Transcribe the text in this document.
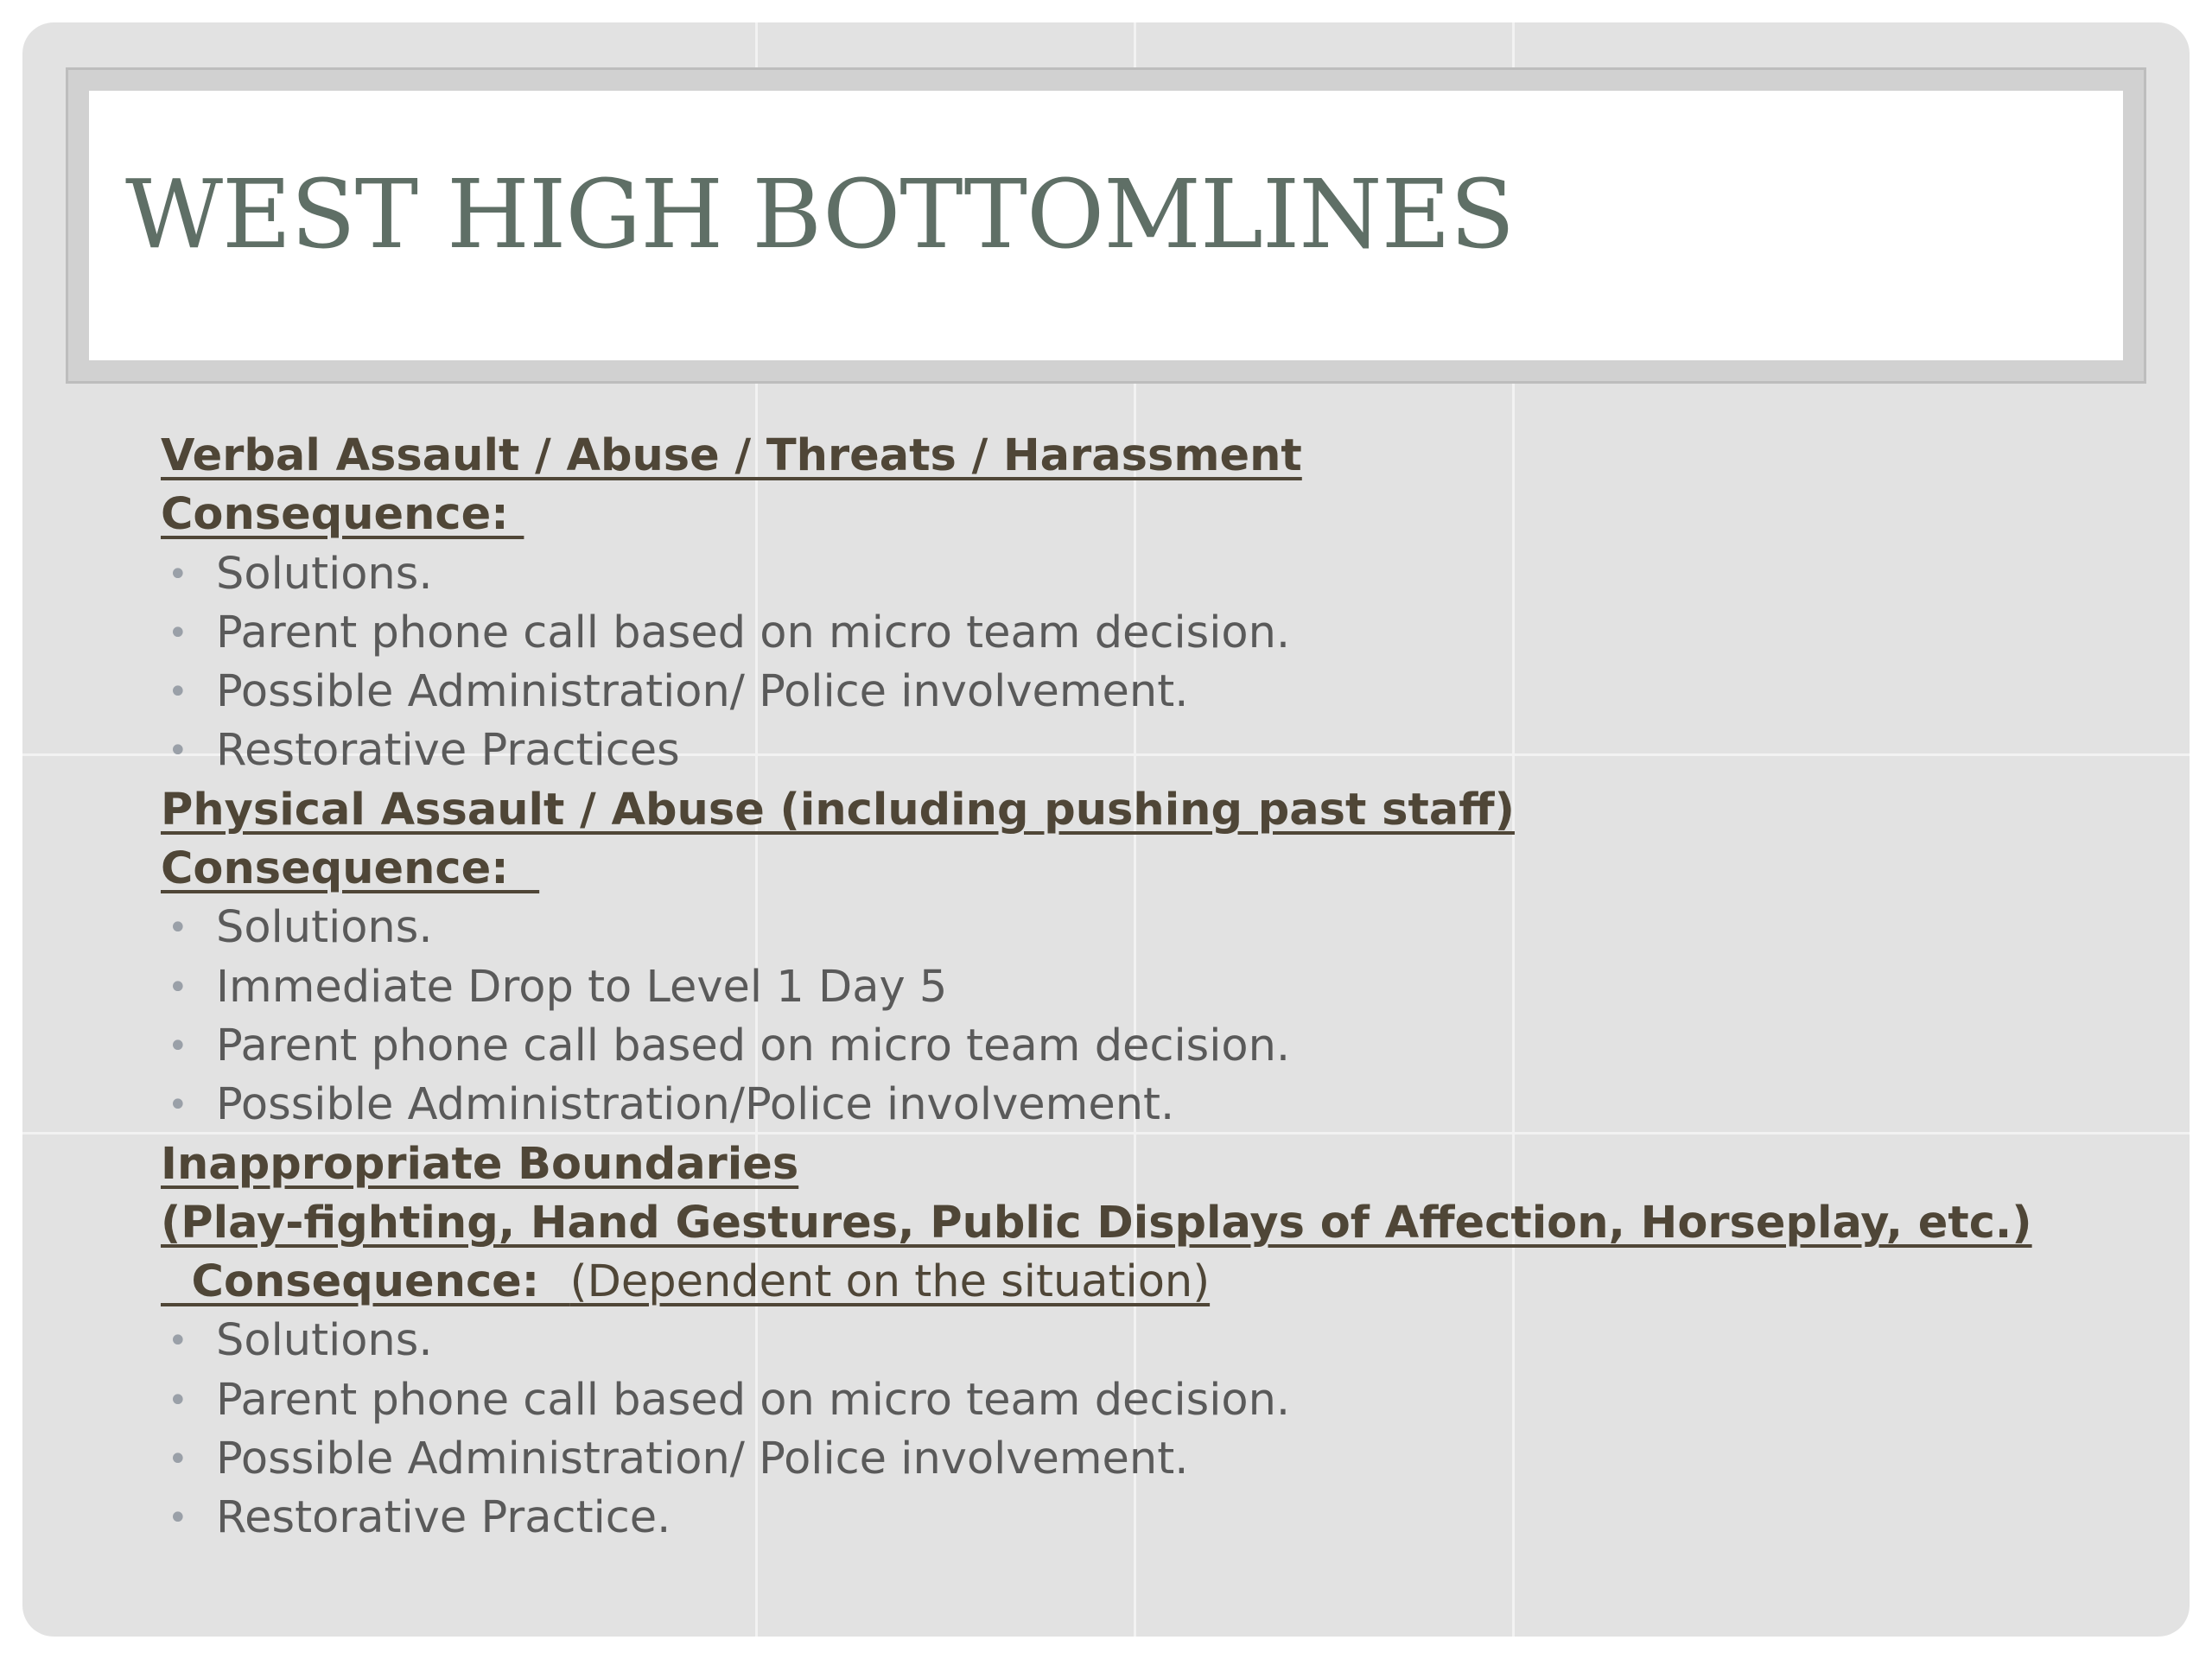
WEST HIGH BOTTOMLINES
Verbal Assault / Abuse / Threats / Harassment
Consequence:
• Solutions.
• Parent phone call based on micro team decision.
• Possible Administration/ Police involvement.
• Restorative Practices
Physical Assault / Abuse (including pushing past staff)
Consequence:
• Solutions.
• Immediate Drop to Level 1 Day 5
• Parent phone call based on micro team decision.
• Possible Administration/Police involvement.
Inappropriate Boundaries
(Play-fighting, Hand Gestures, Public Displays of Affection, Horseplay, etc.)
Consequence:  (Dependent on the situation)
• Solutions.
• Parent phone call based on micro team decision.
• Possible Administration/ Police involvement.
• Restorative Practice.
